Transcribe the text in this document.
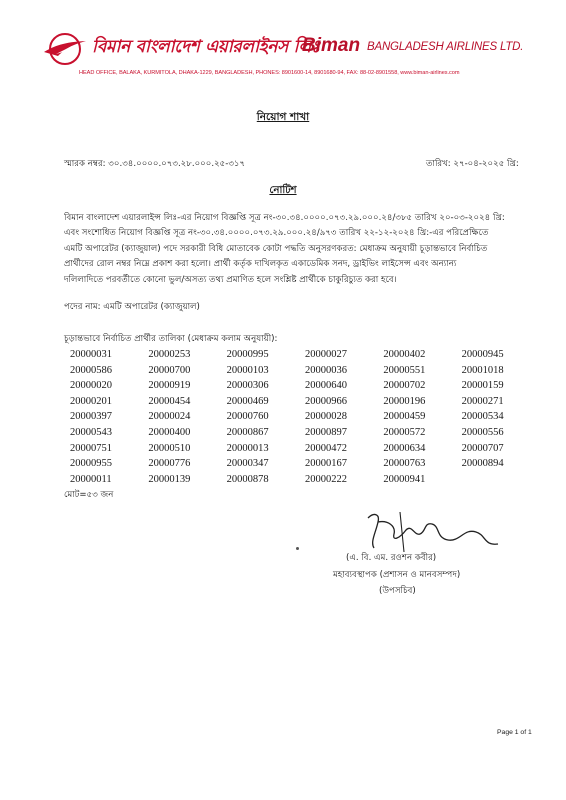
বিমান বাংলাদেশ এয়ারলাইনস লিঃ
Biman BANGLADESH AIRLINES LTD.
HEAD OFFICE, BALAKA, KURMITOLA, DHAKA-1229, BANGLADESH, PHONES: 8901600-14, 8901680-94, FAX: 88-02-8901558, www.biman-airlines.com
নিয়োগ শাখা
স্মারক নম্বর: ৩০.৩৪.০০০০.০৭৩.২৮.০০০.২৫-৩১৭	তারিখ: ২৭-০৪-২০২৫ খ্রি:
নোটিশ
বিমান বাংলাদেশ এয়ারলাইন্স লিঃ-এর নিয়োগ বিজ্ঞপ্তি সূত্র নং-৩০.৩৪.০০০০.০৭৩.২৯.০০০.২৪/৩৮৫ তারিখ ২০-০৩-২০২৪ খ্রি:
এবং সংশোধিত নিয়োগ বিজ্ঞপ্তি সূত্র নং-৩০.৩৪.০০০০.০৭৩.২৯.০০০.২৪/৯৭৩ তারিখ ২২-১২-২০২৪ খ্রি:-এর পরিপ্রেক্ষিতে
এমটি অপারেটর (ক্যাজুয়াল) পদে সরকারী বিধি মোতাবেক কোটা পদ্ধতি অনুসরণকরত: মেধাক্রম অনুযায়ী চূড়ান্তভাবে নির্বাচিত
প্রার্থীদের রোল নম্বর নিম্নে প্রকাশ করা হলো। প্রার্থী কর্তৃক দাখিলকৃত একাডেমিক সনদ, ড্রাইভিং লাইসেন্স এবং অন্যান্য
দলিলাদিতে পরবর্তীতে কোনো ভুল/অসত্য তথ্য প্রমাণিত হলে সংশ্লিষ্ট প্রার্থীকে চাকুরিচ্যুত করা হবে।
পদের নাম: এমটি অপারেটর (ক্যাজুয়াল)
চূড়ান্তভাবে নির্বাচিত প্রার্থীর তালিকা (মেধাক্রম কলাম অনুযায়ী):
20000031	20000253	20000995	20000027	20000402	20000945
20000586	20000700	20000103	20000036	20000551	20001018
20000020	20000919	20000306	20000640	20000702	20000159
20000201	20000454	20000469	20000966	20000196	20000271
20000397	20000024	20000760	20000028	20000459	20000534
20000543	20000400	20000867	20000897	20000572	20000556
20000751	20000510	20000013	20000472	20000634	20000707
20000955	20000776	20000347	20000167	20000763	20000894
20000011	20000139	20000878	20000222	20000941	
মোট=৫৩ জন
(এ. বি. এম. রওশন কবীর)
মহাব্যবস্থাপক (প্রশাসন ও মানবসম্পদ)
(উপসচিব)
Page 1 of 1
